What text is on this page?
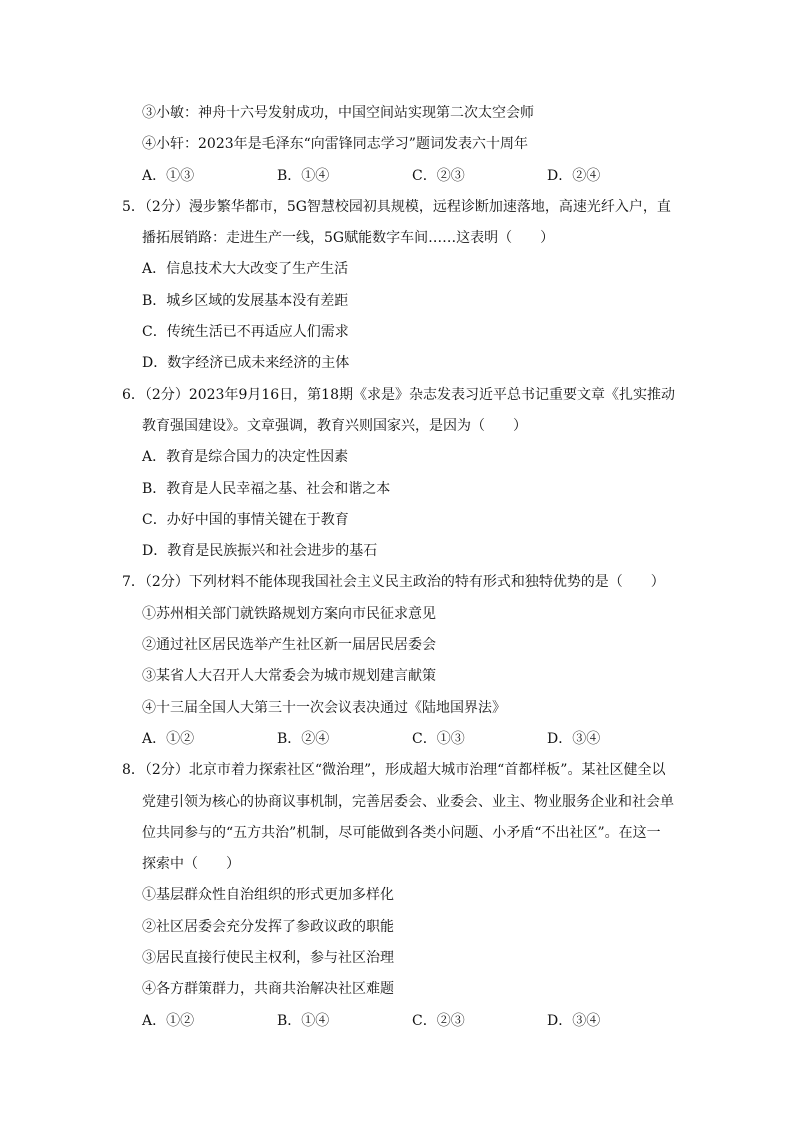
③小敏：神舟十六号发射成功，中国空间站实现第二次太空会师
④小轩：2023年是毛泽东“向雷锋同志学习”题词发表六十周年
A．①③	B．①④	C．②③	D．②④
5．（2分）漫步繁华都市，5G智慧校园初具规模，远程诊断加速落地，高速光纤入户，直
播拓展销路：走进生产一线，5G赋能数字车间……这表明（　　）
A．信息技术大大改变了生产生活
B．城乡区域的发展基本没有差距
C．传统生活已不再适应人们需求
D．数字经济已成未来经济的主体
6．（2分）2023年9月16日，第18期《求是》杂志发表习近平总书记重要文章《扎实推动
教育强国建设》。文章强调，教育兴则国家兴，是因为（　　）
A．教育是综合国力的决定性因素
B．教育是人民幸福之基、社会和谐之本
C．办好中国的事情关键在于教育
D．教育是民族振兴和社会进步的基石
7．（2分）下列材料不能体现我国社会主义民主政治的特有形式和独特优势的是（　　）
①苏州相关部门就铁路规划方案向市民征求意见
②通过社区居民选举产生社区新一届居民居委会
③某省人大召开人大常委会为城市规划建言献策
④十三届全国人大第三十一次会议表决通过《陆地国界法》
A．①②	B．②④	C．①③	D．③④
8．（2分）北京市着力探索社区“微治理”，形成超大城市治理“首都样板”。某社区健全以
党建引领为核心的协商议事机制，完善居委会、业委会、业主、物业服务企业和社会单
位共同参与的“五方共治”机制，尽可能做到各类小问题、小矛盾“不出社区”。在这一
探索中（　　）
①基层群众性自治组织的形式更加多样化
②社区居委会充分发挥了参政议政的职能
③居民直接行使民主权利，参与社区治理
④各方群策群力，共商共治解决社区难题
A．①②	B．①④	C．②③	D．③④
